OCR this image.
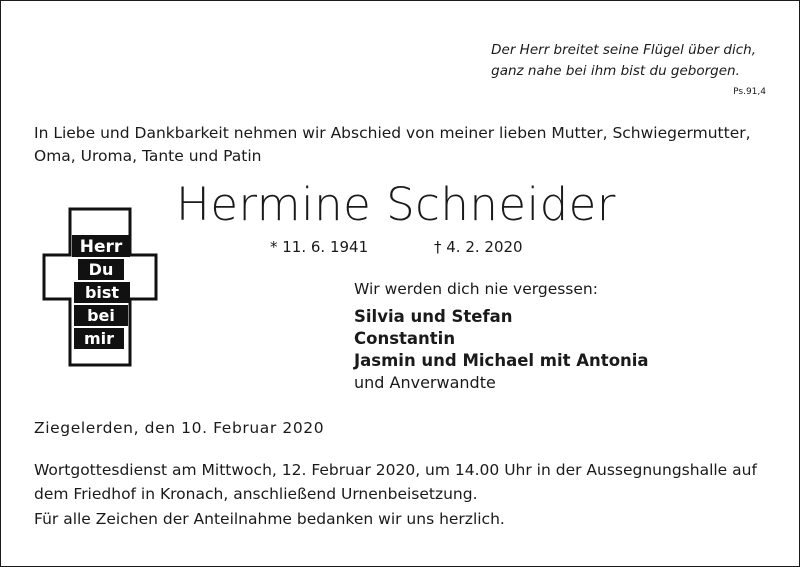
Der Herr breitet seine Flügel über dich,
ganz nahe bei ihm bist du geborgen.
Ps.91,4
In Liebe und Dankbarkeit nehmen wir Abschied von meiner lieben Mutter, Schwiegermutter,
Oma, Uroma, Tante und Patin
Hermine Schneider
* 11. 6. 1941	† 4. 2. 2020
Herr
Du
bist
bei
mir
Wir werden dich nie vergessen:
Silvia und Stefan
Constantin
Jasmin und Michael mit Antonia
und Anverwandte
Ziegelerden, den 10. Februar 2020
Wortgottesdienst am Mittwoch, 12. Februar 2020, um 14.00 Uhr in der Aussegnungshalle auf
dem Friedhof in Kronach, anschließend Urnenbeisetzung.
Für alle Zeichen der Anteilnahme bedanken wir uns herzlich.
